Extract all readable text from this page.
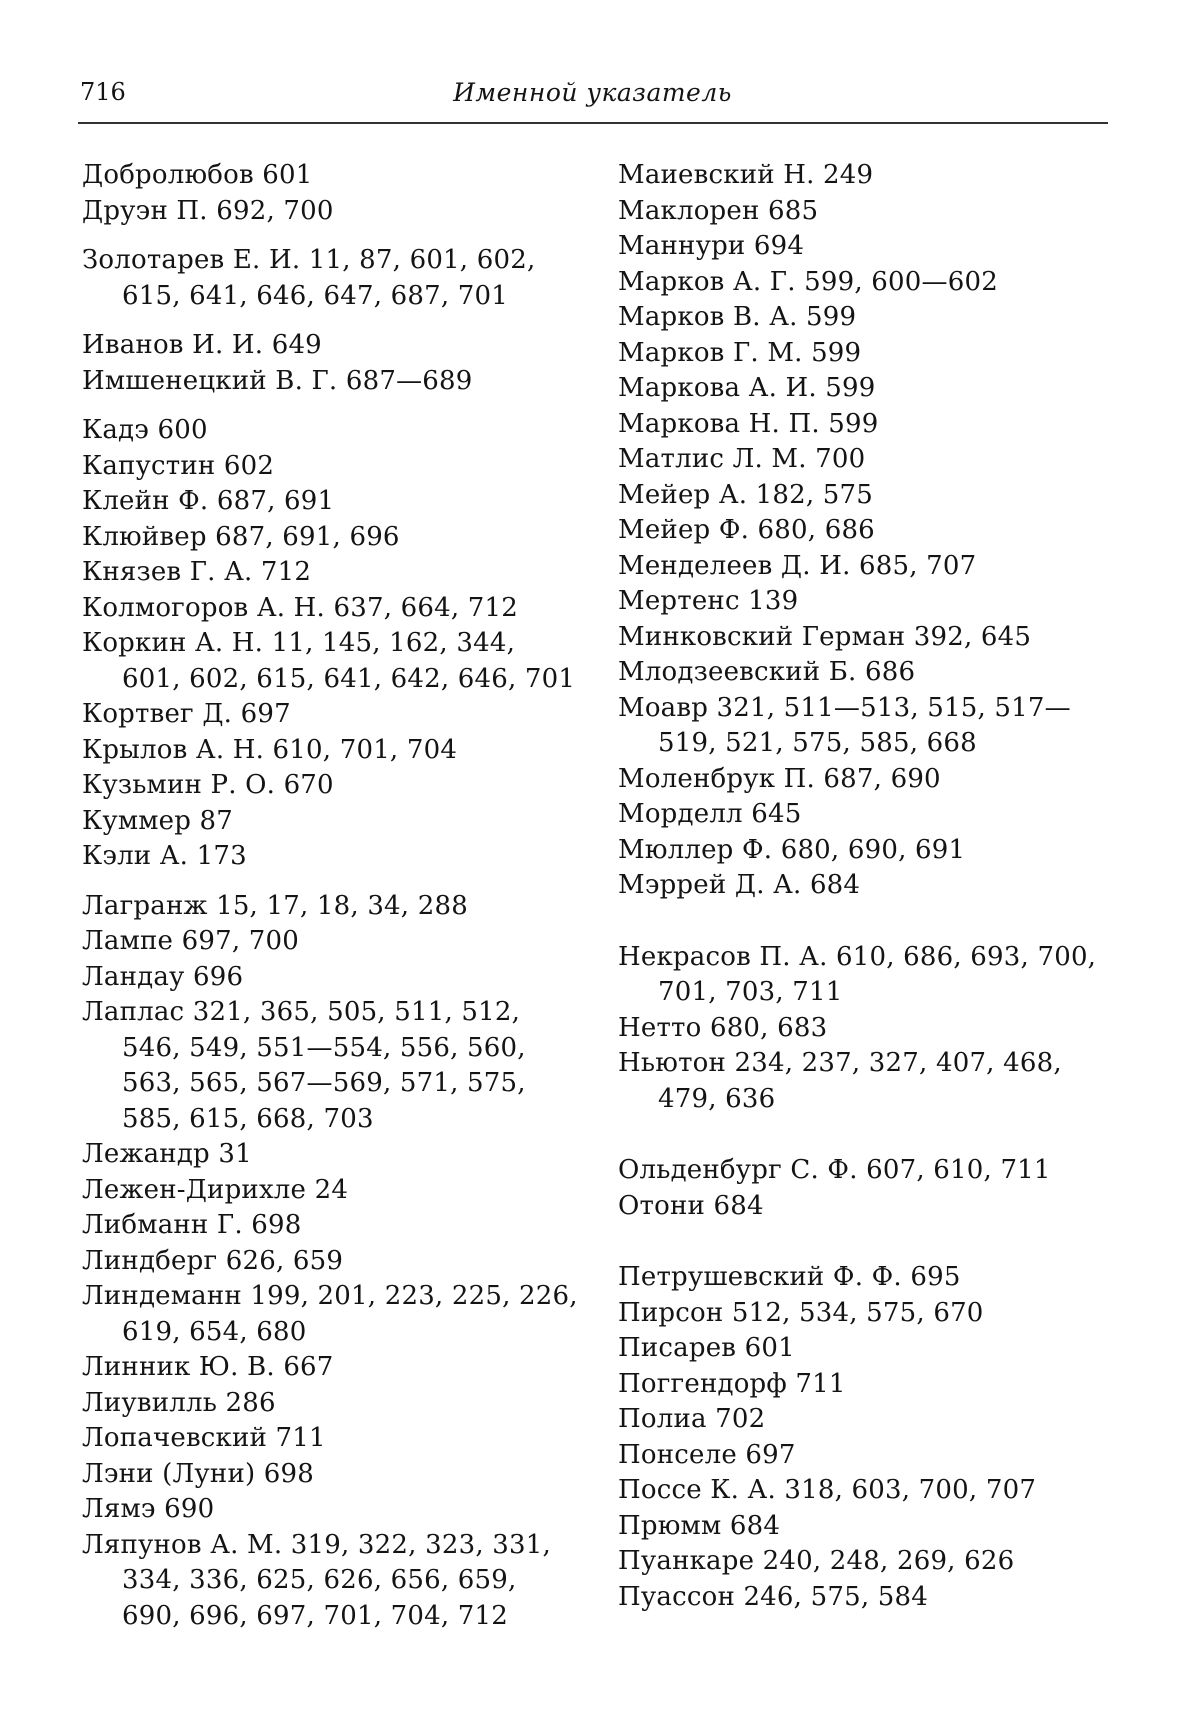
716	Именной указатель
Добролюбов 601
Друэн П. 692, 700
Золотарев Е. И. 11, 87, 601, 602, 615, 641, 646, 647, 687, 701
Иванов И. И. 649
Имшенецкий В. Г. 687—689
Кадэ 600
Капустин 602
Клейн Ф. 687, 691
Клюйвер 687, 691, 696
Князев Г. А. 712
Колмогоров А. Н. 637, 664, 712
Коркин А. Н. 11, 145, 162, 344, 601, 602, 615, 641, 642, 646, 701
Кортвег Д. 697
Крылов А. Н. 610, 701, 704
Кузьмин Р. О. 670
Куммер 87
Кэли А. 173
Лагранж 15, 17, 18, 34, 288
Лампе 697, 700
Ландау 696
Лаплас 321, 365, 505, 511, 512, 546, 549, 551—554, 556, 560, 563, 565, 567—569, 571, 575, 585, 615, 668, 703
Лежандр 31
Лежен-Дирихле 24
Либманн Г. 698
Линдберг 626, 659
Линдеманн 199, 201, 223, 225, 226, 619, 654, 680
Линник Ю. В. 667
Лиувилль 286
Лопачевский 711
Лэни (Луни) 698
Лямэ 690
Ляпунов А. М. 319, 322, 323, 331, 334, 336, 625, 626, 656, 659, 690, 696, 697, 701, 704, 712
Маиевский Н. 249
Маклорен 685
Маннури 694
Марков А. Г. 599, 600—602
Марков В. А. 599
Марков Г. М. 599
Маркова А. И. 599
Маркова Н. П. 599
Матлис Л. М. 700
Мейер А. 182, 575
Мейер Ф. 680, 686
Менделеев Д. И. 685, 707
Мертенс 139
Минковский Герман 392, 645
Млодзеевский Б. 686
Моавр 321, 511—513, 515, 517—519, 521, 575, 585, 668
Моленбрук П. 687, 690
Морделл 645
Мюллер Ф. 680, 690, 691
Мэррей Д. А. 684
Некрасов П. А. 610, 686, 693, 700, 701, 703, 711
Нетто 680, 683
Ньютон 234, 237, 327, 407, 468, 479, 636
Ольденбург С. Ф. 607, 610, 711
Отони 684
Петрушевский Ф. Ф. 695
Пирсон 512, 534, 575, 670
Писарев 601
Поггендорф 711
Полиа 702
Понселе 697
Поссе К. А. 318, 603, 700, 707
Прюмм 684
Пуанкаре 240, 248, 269, 626
Пуассон 246, 575, 584
